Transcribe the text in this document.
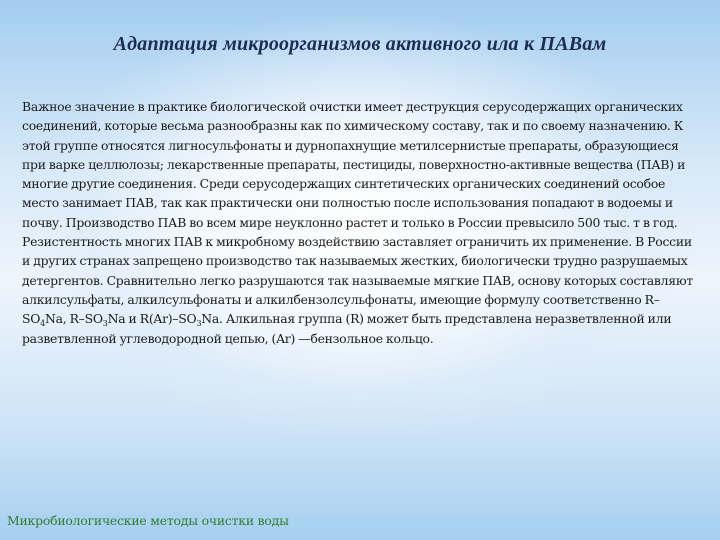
Адаптация микроорганизмов активного ила к ПАВам
Важное значение в практике биологической очистки имеет деструкция серусодержащих органических соединений, которые весьма разнообразны как по химическому составу, так и по своему назначению. К этой группе относятся лигносульфонаты и дурнопахнущие метилсернистые препараты, образующиеся при варке целлюлозы; лекарственные препараты, пестициды, поверхностно-активные вещества (ПАВ) и многие другие соединения. Среди серусодержащих синтетических органических соединений особое место занимает ПАВ, так как практически они полностью после использования попадают в водоемы и почву. Производство ПАВ во всем мире неуклонно растет и только в России превысило 500 тыс. т в год. Резистентность многих ПАВ к микробному воздействию заставляет ограничить их применение. В России и других странах запрещено производство так называемых жестких, биологически трудно разрушаемых детергентов. Сравнительно легко разрушаются так называемые мягкие ПАВ, основу которых составляют алкилсульфаты, алкилсульфонаты и алкилбензолсульфонаты, имеющие формулу соответственно $R-SO_4Na$, $R-SO_3Na$ и $R(Ar)-SO_3Na$. Алкильная группа (R) может быть представлена неразветвленной или разветвленной углеводородной цепью, (Ar) —бензольное кольцо.
Микробиологические методы очистки воды
